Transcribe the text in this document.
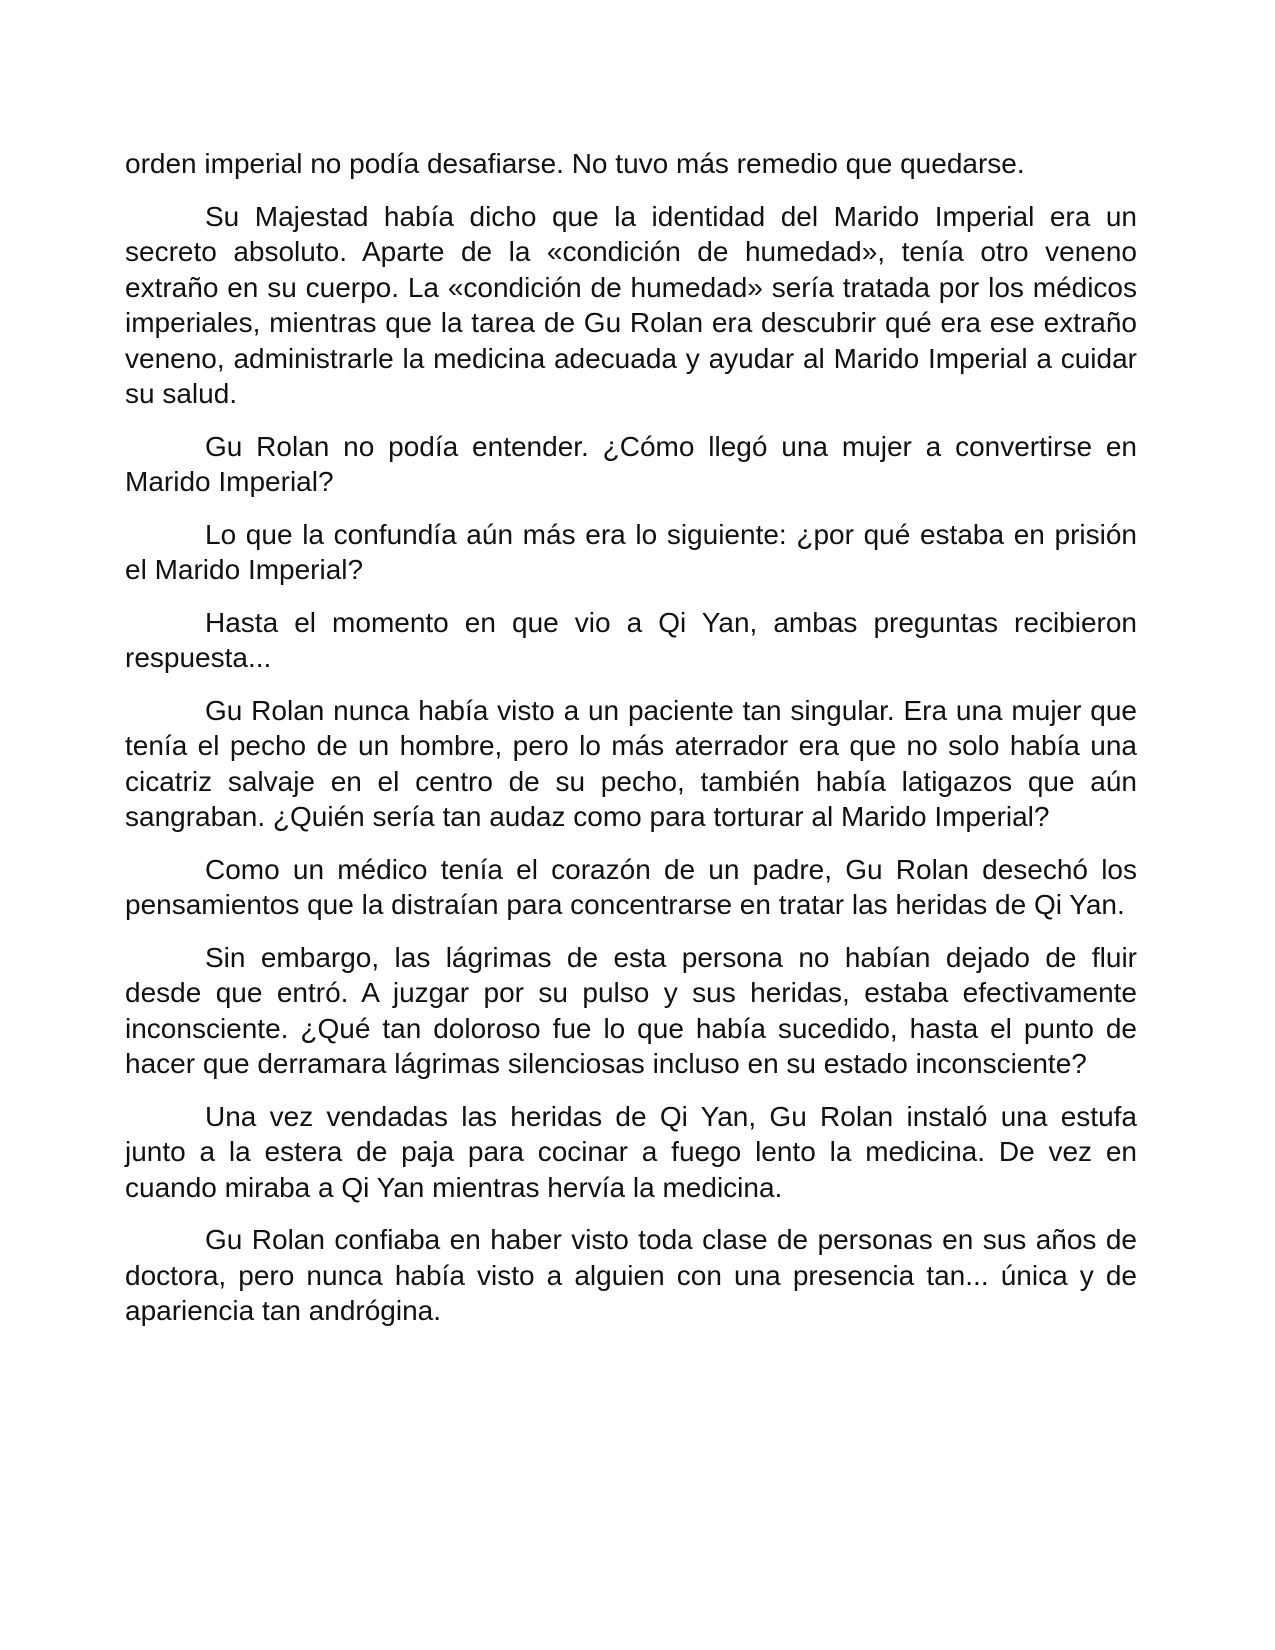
orden imperial no podía desafiarse. No tuvo más remedio que quedarse.

Su Majestad había dicho que la identidad del Marido Imperial era un secreto absoluto. Aparte de la «condición de humedad», tenía otro veneno extraño en su cuerpo. La «condición de humedad» sería tratada por los médicos imperiales, mientras que la tarea de Gu Rolan era descubrir qué era ese extraño veneno, administrarle la medicina adecuada y ayudar al Marido Imperial a cuidar su salud.

Gu Rolan no podía entender. ¿Cómo llegó una mujer a convertirse en Marido Imperial?

Lo que la confundía aún más era lo siguiente: ¿por qué estaba en prisión el Marido Imperial?

Hasta el momento en que vio a Qi Yan, ambas preguntas recibieron respuesta...

Gu Rolan nunca había visto a un paciente tan singular. Era una mujer que tenía el pecho de un hombre, pero lo más aterrador era que no solo había una cicatriz salvaje en el centro de su pecho, también había latigazos que aún sangraban. ¿Quién sería tan audaz como para torturar al Marido Imperial?

Como un médico tenía el corazón de un padre, Gu Rolan desechó los pensamientos que la distraían para concentrarse en tratar las heridas de Qi Yan.

Sin embargo, las lágrimas de esta persona no habían dejado de fluir desde que entró. A juzgar por su pulso y sus heridas, estaba efectivamente inconsciente. ¿Qué tan doloroso fue lo que había sucedido, hasta el punto de hacer que derramara lágrimas silenciosas incluso en su estado inconsciente?

Una vez vendadas las heridas de Qi Yan, Gu Rolan instaló una estufa junto a la estera de paja para cocinar a fuego lento la medicina. De vez en cuando miraba a Qi Yan mientras hervía la medicina.

Gu Rolan confiaba en haber visto toda clase de personas en sus años de doctora, pero nunca había visto a alguien con una presencia tan... única y de apariencia tan andrógina.
